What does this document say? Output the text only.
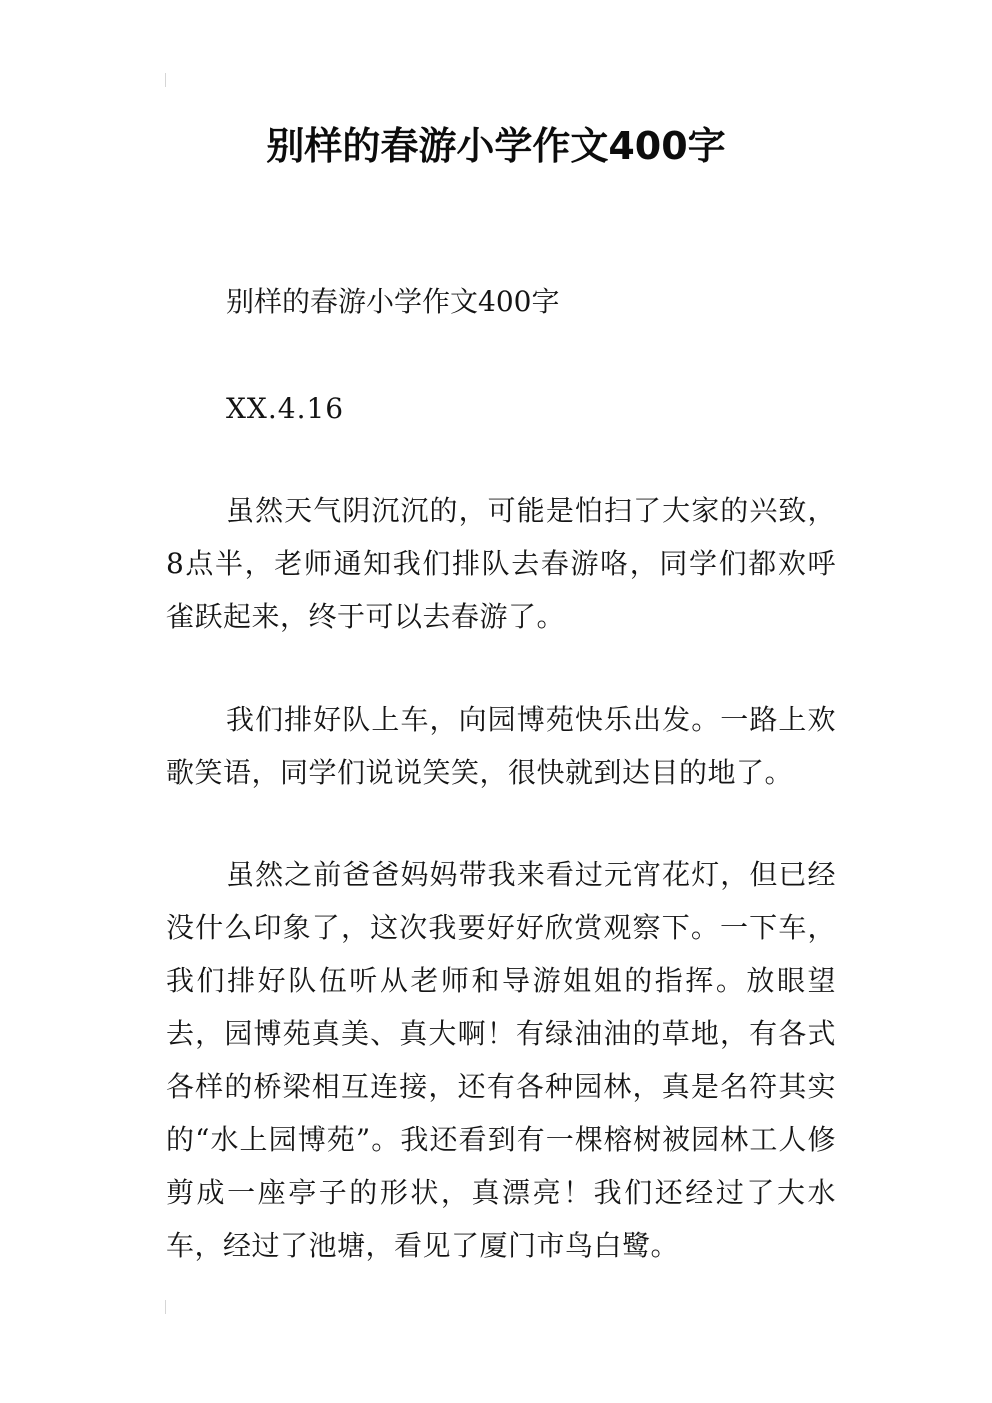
别样的春游小学作文400字

别样的春游小学作文400字

XX.4.16

虽然天气阴沉沉的，可能是怕扫了大家的兴致，8点半，老师通知我们排队去春游咯，同学们都欢呼雀跃起来，终于可以去春游了。

我们排好队上车，向园博苑快乐出发。一路上欢歌笑语，同学们说说笑笑，很快就到达目的地了。

虽然之前爸爸妈妈带我来看过元宵花灯，但已经没什么印象了，这次我要好好欣赏观察下。一下车，我们排好队伍听从老师和导游姐姐的指挥。放眼望去，园博苑真美、真大啊！有绿油油的草地，有各式各样的桥梁相互连接，还有各种园林，真是名符其实的“水上园博苑”。我还看到有一棵榕树被园林工人修剪成一座亭子的形状，真漂亮！我们还经过了大水车，经过了池塘，看见了厦门市鸟白鹭。
